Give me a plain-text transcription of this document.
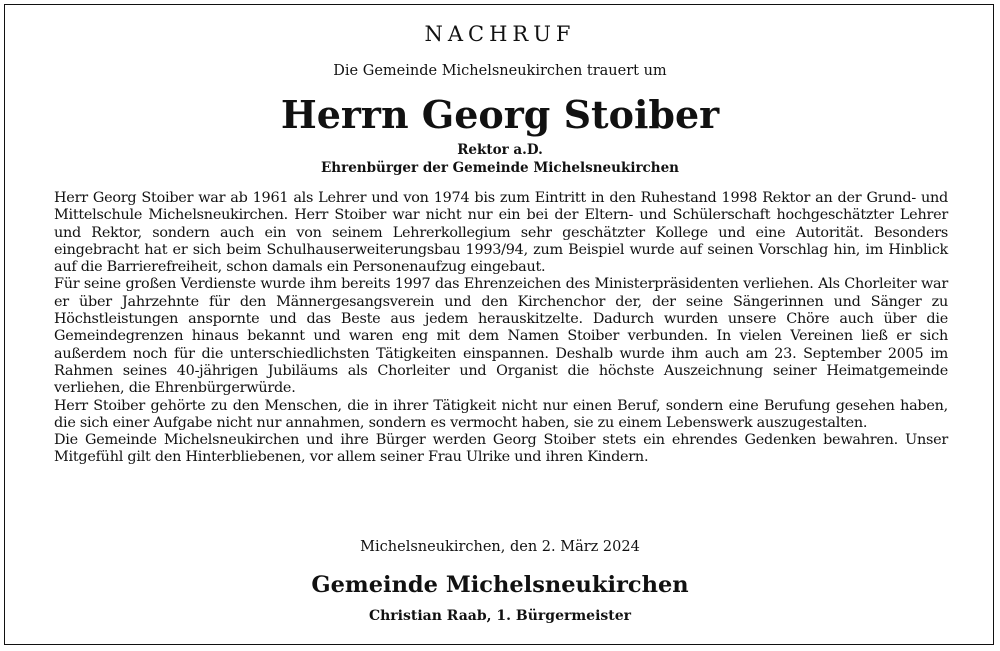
NACHRUF
Die Gemeinde Michelsneukirchen trauert um
Herrn Georg Stoiber
Rektor a.D.
Ehrenbürger der Gemeinde Michelsneukirchen

Herr Georg Stoiber war ab 1961 als Lehrer und von 1974 bis zum Eintritt in den Ruhestand 1998 Rektor an der Grund- und Mittelschule Michelsneukirchen. Herr Stoiber war nicht nur ein bei der Eltern- und Schülerschaft hochgeschätzter Lehrer und Rektor, sondern auch ein von seinem Lehrerkollegium sehr geschätzter Kollege und eine Autorität. Besonders eingebracht hat er sich beim Schulhauserweiterungsbau 1993/94, zum Beispiel wurde auf seinen Vorschlag hin, im Hinblick auf die Barrierefreiheit, schon damals ein Personenaufzug eingebaut.

Für seine großen Verdienste wurde ihm bereits 1997 das Ehrenzeichen des Ministerpräsidenten verliehen. Als Chorleiter war er über Jahrzehnte für den Männergesangsverein und den Kirchenchor der, der seine Sängerinnen und Sänger zu Höchstleistungen anspornte und das Beste aus jedem herauskitzelte. Dadurch wurden unsere Chöre auch über die Gemeindegrenzen hinaus bekannt und waren eng mit dem Namen Stoiber verbunden. In vielen Vereinen ließ er sich außerdem noch für die unterschiedlichsten Tätigkeiten einspannen. Deshalb wurde ihm auch am 23. September 2005 im Rahmen seines 40-jährigen Jubiläums als Chorleiter und Organist die höchste Auszeichnung seiner Heimatgemeinde verliehen, die Ehrenbürgerwürde.

Herr Stoiber gehörte zu den Menschen, die in ihrer Tätigkeit nicht nur einen Beruf, sondern eine Berufung gesehen haben, die sich einer Aufgabe nicht nur annahmen, sondern es vermocht haben, sie zu einem Lebenswerk auszugestalten.

Die Gemeinde Michelsneukirchen und ihre Bürger werden Georg Stoiber stets ein ehrendes Gedenken bewahren. Unser Mitgefühl gilt den Hinterbliebenen, vor allem seiner Frau Ulrike und ihren Kindern.

Michelsneukirchen, den 2. März 2024
Gemeinde Michelsneukirchen
Christian Raab, 1. Bürgermeister
